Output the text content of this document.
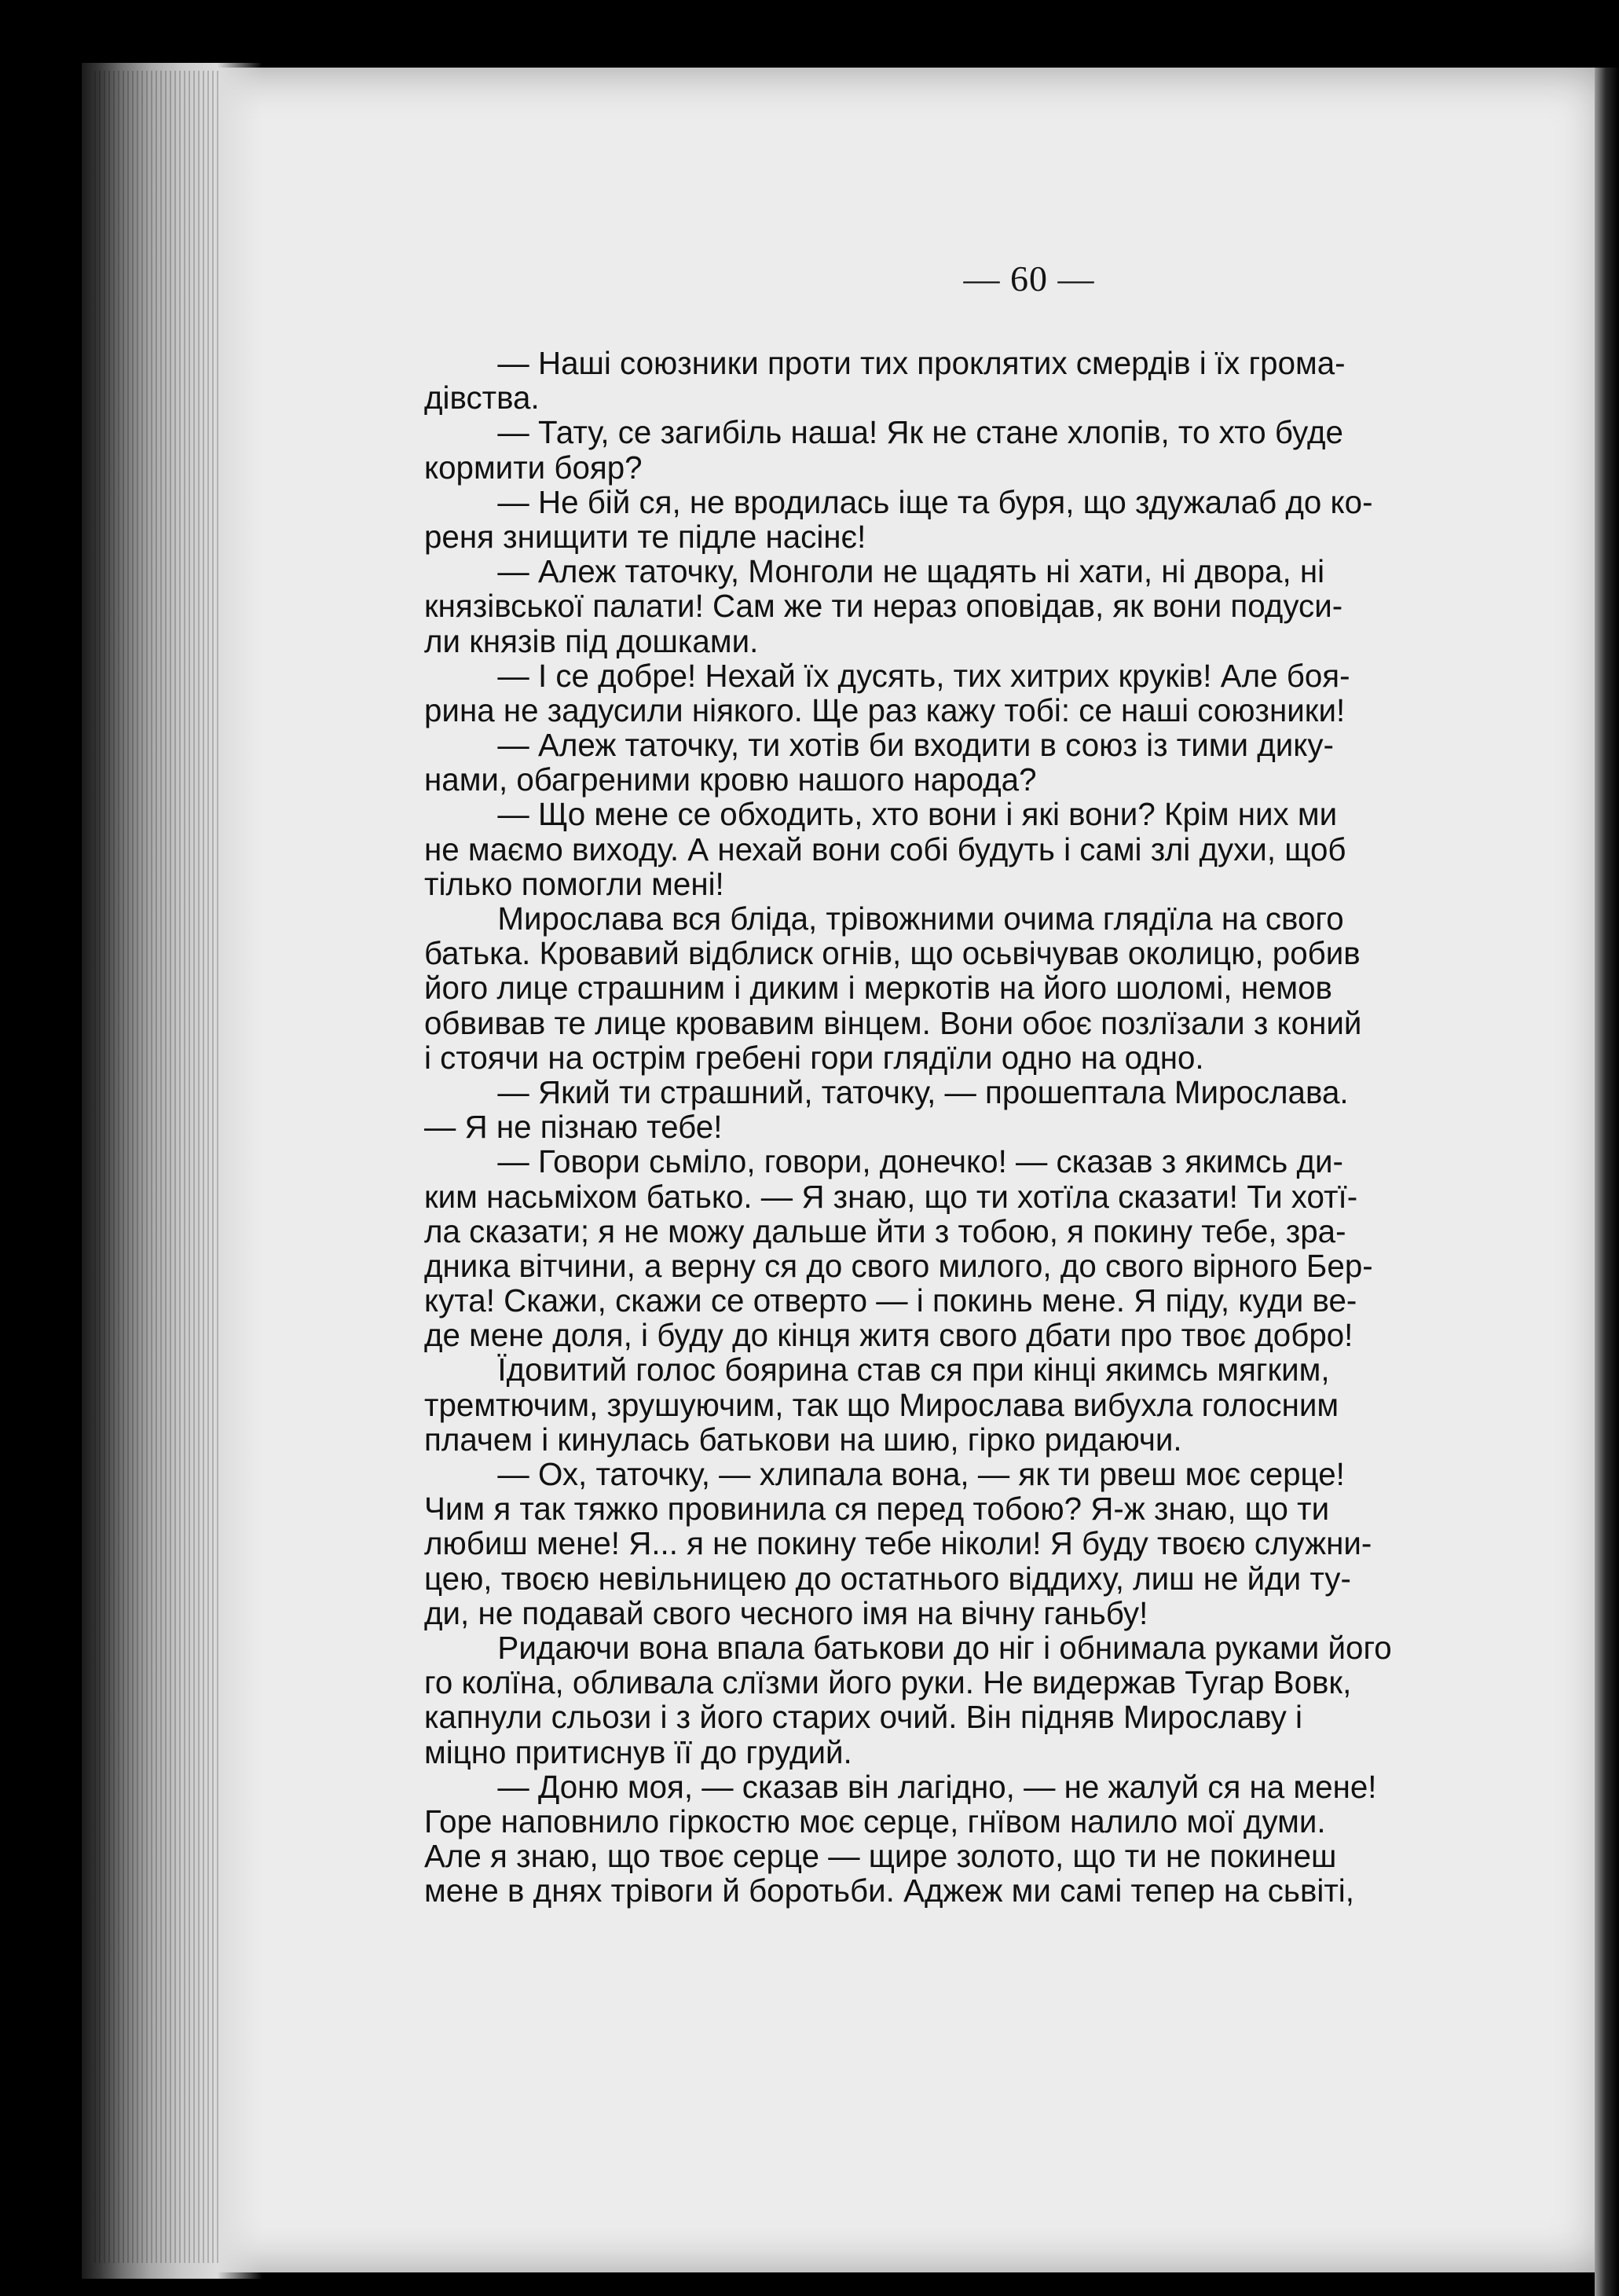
— 60 —
— Наші союзники проти тих проклятих смердів і їх грома-
дівства.
— Тату, се загибіль наша! Як не стане хлопів, то хто буде
кормити бояр?
— Не бій ся, не вродилась іще та буря, що здужалаб до ко-
реня знищити те підле насінє!
— Алеж таточку, Монголи не щадять ні хати, ні двора, ні
князівської палати! Сам же ти нераз оповідав, як вони подуси-
ли князів під дошками.
— І се добре! Нехай їх дусять, тих хитрих круків! Але боя-
рина не задусили ніякого. Ще раз кажу тобі: се наші союзники!
— Алеж таточку, ти хотів би входити в союз із тими дику-
нами, обагреними кровю нашого народа?
— Що мене се обходить, хто вони і які вони? Крім них ми
не маємо виходу. А нехай вони собі будуть і самі злі духи, щоб
тілько помогли мені!
Мирослава вся бліда, трівожними очима глядїла на свого
батька. Кровавий відблиск огнів, що осьвічував околицю, робив
його лице страшним і диким і меркотів на його шоломі, немов
обвивав те лице кровавим вінцем. Вони обоє позлїзали з коний
і стоячи на острім гребені гори глядїли одно на одно.
— Який ти страшний, таточку, — прошептала Мирослава.
— Я не пізнаю тебе!
— Говори сьміло, говори, донечко! — сказав з якимсь ди-
ким насьміхом батько. — Я знаю, що ти хотїла сказати! Ти хотї-
ла сказати; я не можу дальше йти з тобою, я покину тебе, зра-
дника вітчини, а верну ся до свого милого, до свого вірного Бер-
кута! Скажи, скажи се отверто — і покинь мене. Я піду, куди ве-
де мене доля, і буду до кінця житя свого дбати про твоє добро!
Їдовитий голос боярина став ся при кінці якимсь мягким,
тремтючим, зрушуючим, так що Мирослава вибухла голосним
плачем і кинулась батькови на шию, гірко ридаючи.
— Ох, таточку, — хлипала вона, — як ти рвеш моє серце!
Чим я так тяжко провинила ся перед тобою? Я-ж знаю, що ти
любиш мене! Я... я не покину тебе ніколи! Я буду твоєю служни-
цею, твоєю невільницею до остатнього віддиху, лиш не йди ту-
ди, не подавай свого чесного імя на вічну ганьбу!
Ридаючи вона впала батькови до ніг і обнимала руками його
го колїна, обливала слїзми його руки. Не видержав Тугар Вовк,
капнули сльози і з його старих очий. Він підняв Мирославу і
міцно притиснув її до грудий.
— Доню моя, — сказав він лагідно, — не жалуй ся на мене!
Горе наповнило гіркостю моє серце, гнївом налило мої думи.
Але я знаю, що твоє серце — щире золото, що ти не покинеш
мене в днях трівоги й боротьби. Аджеж ми самі тепер на сьвіті,
